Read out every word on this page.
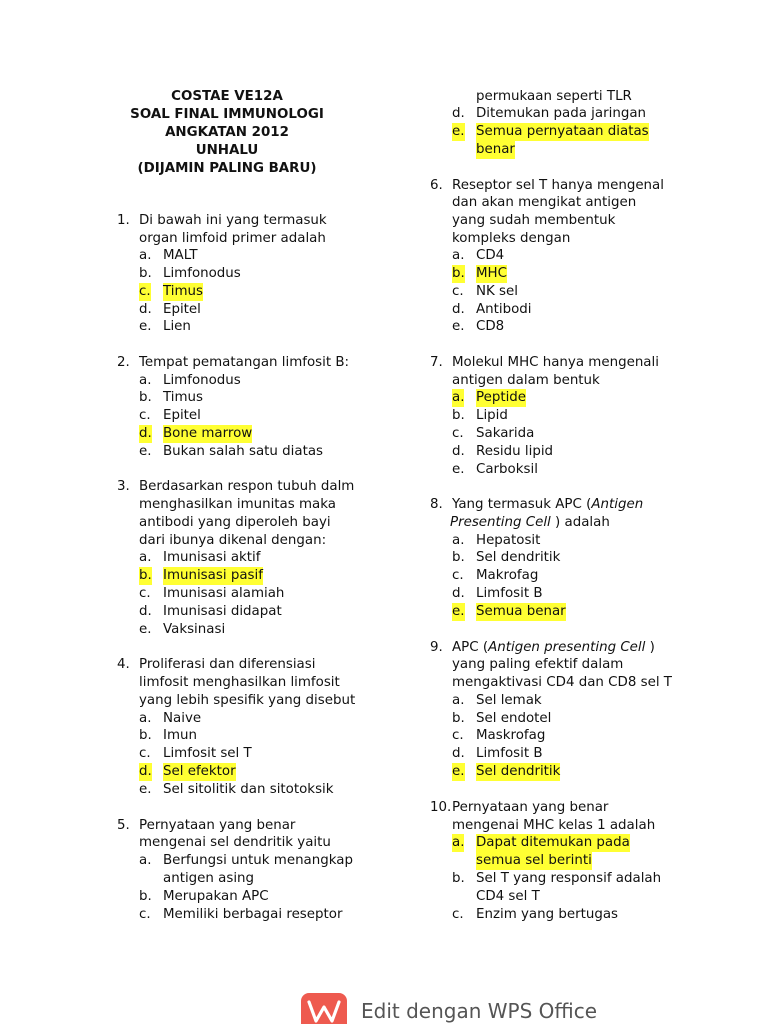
COSTAE VE12A
SOAL FINAL IMMUNOLOGI
ANGKATAN 2012
UNHALU
(DIJAMIN PALING BARU)
1. Di bawah ini yang termasuk
organ limfoid primer adalah
a. MALT
b. Limfonodus
c. Timus
d. Epitel
e. Lien
2. Tempat pematangan limfosit B:
a. Limfonodus
b. Timus
c. Epitel
d. Bone marrow
e. Bukan salah satu diatas
3. Berdasarkan respon tubuh dalm
menghasilkan imunitas maka
antibodi yang diperoleh bayi
dari ibunya dikenal dengan:
a. Imunisasi aktif
b. Imunisasi pasif
c. Imunisasi alamiah
d. Imunisasi didapat
e. Vaksinasi
4. Proliferasi dan diferensiasi
limfosit menghasilkan limfosit
yang lebih spesifik yang disebut
a. Naive
b. Imun
c. Limfosit sel T
d. Sel efektor
e. Sel sitolitik dan sitotoksik
5. Pernyataan yang benar
mengenai sel dendritik yaitu
a. Berfungsi untuk menangkap
antigen asing
b. Merupakan APC
c. Memiliki berbagai reseptor
permukaan seperti TLR
d. Ditemukan pada jaringan
e. Semua pernyataan diatas
benar
6. Reseptor sel T hanya mengenal
dan akan mengikat antigen
yang sudah membentuk
kompleks dengan
a. CD4
b. MHC
c. NK sel
d. Antibodi
e. CD8
7. Molekul MHC hanya mengenali
antigen dalam bentuk
a. Peptide
b. Lipid
c. Sakarida
d. Residu lipid
e. Carboksil
8. Yang termasuk APC (Antigen
Presenting Cell ) adalah
a. Hepatosit
b. Sel dendritik
c. Makrofag
d. Limfosit B
e. Semua benar
9. APC (Antigen presenting Cell )
yang paling efektif dalam
mengaktivasi CD4 dan CD8 sel T
a. Sel lemak
b. Sel endotel
c. Maskrofag
d. Limfosit B
e. Sel dendritik
10. Pernyataan yang benar
mengenai MHC kelas 1 adalah
a. Dapat ditemukan pada
semua sel berinti
b. Sel T yang responsif adalah
CD4 sel T
c. Enzim yang bertugas
Edit dengan WPS Office
